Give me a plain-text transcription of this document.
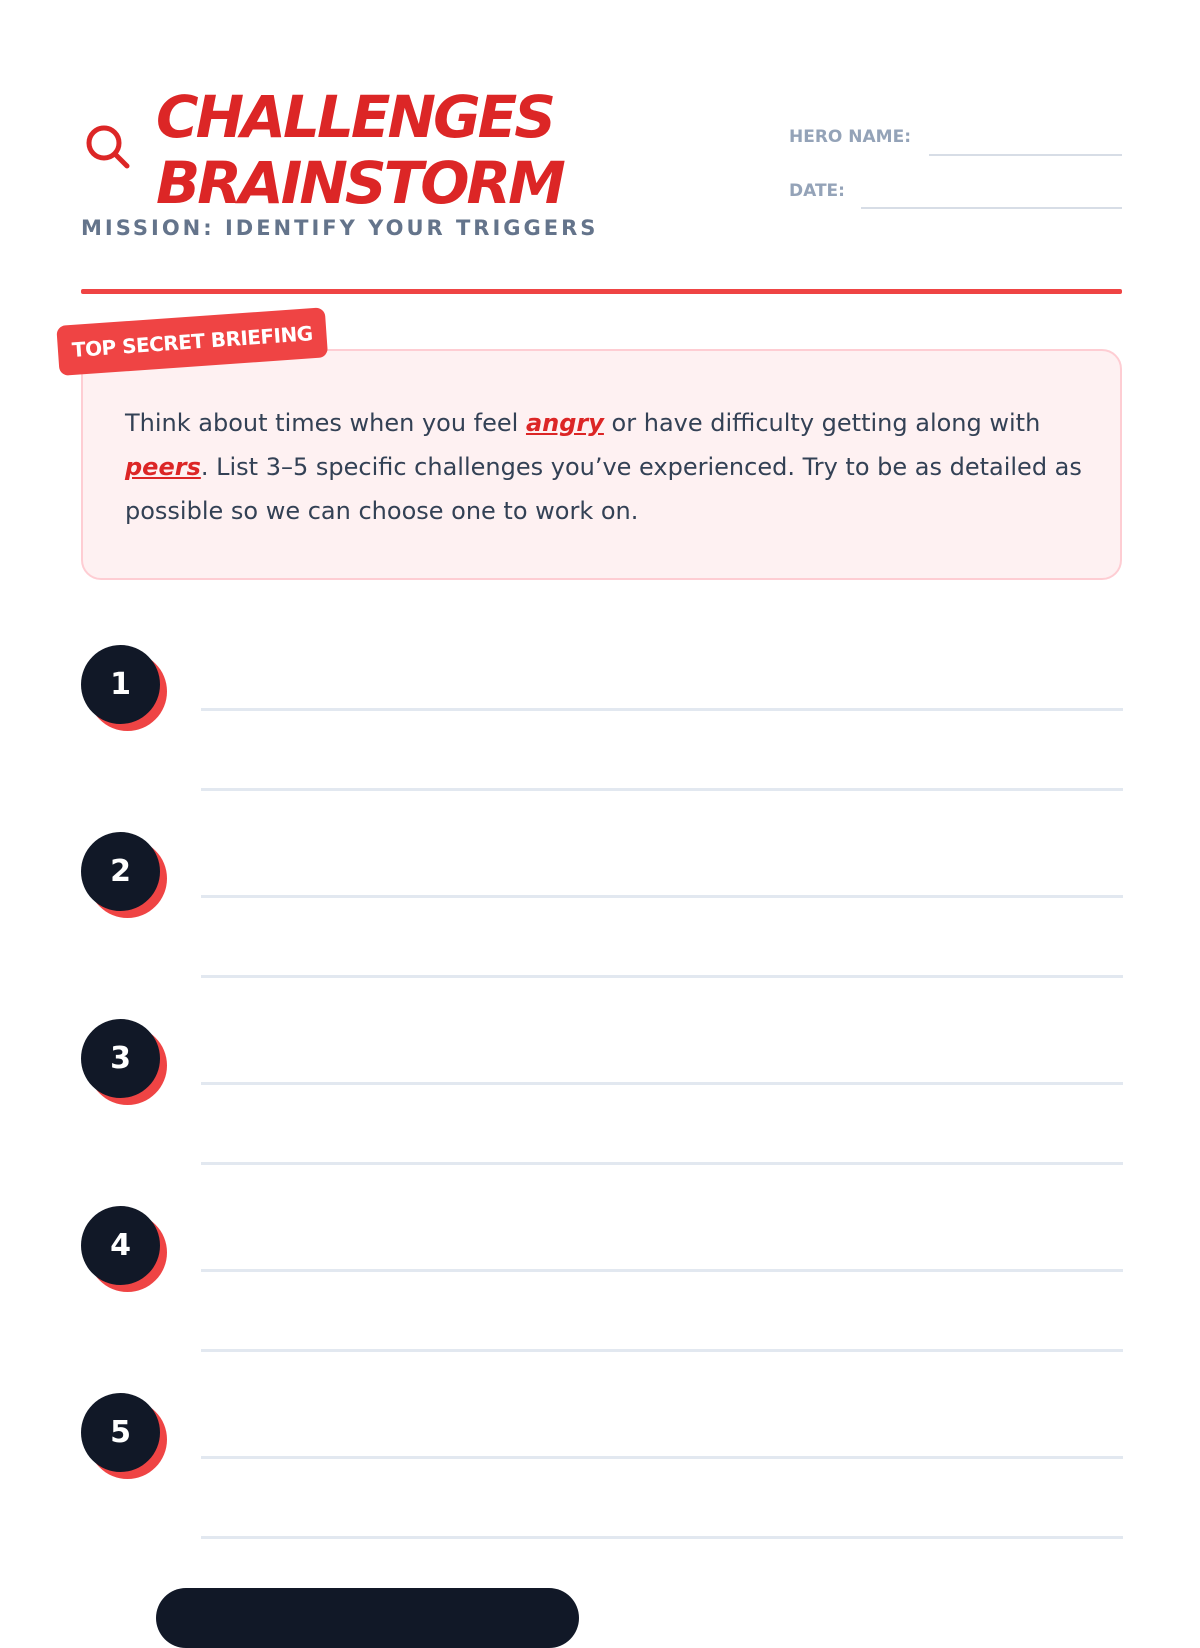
CHALLENGES
BRAINSTORM

MISSION: IDENTIFY YOUR TRIGGERS

HERO NAME:
DATE:

Think about times when you feel angry or have difficulty getting along with peers. List 3–5 specific challenges you’ve experienced. Try to be as detailed as possible so we can choose one to work on.

TOP SECRET BRIEFING
1
2
3
4
5
